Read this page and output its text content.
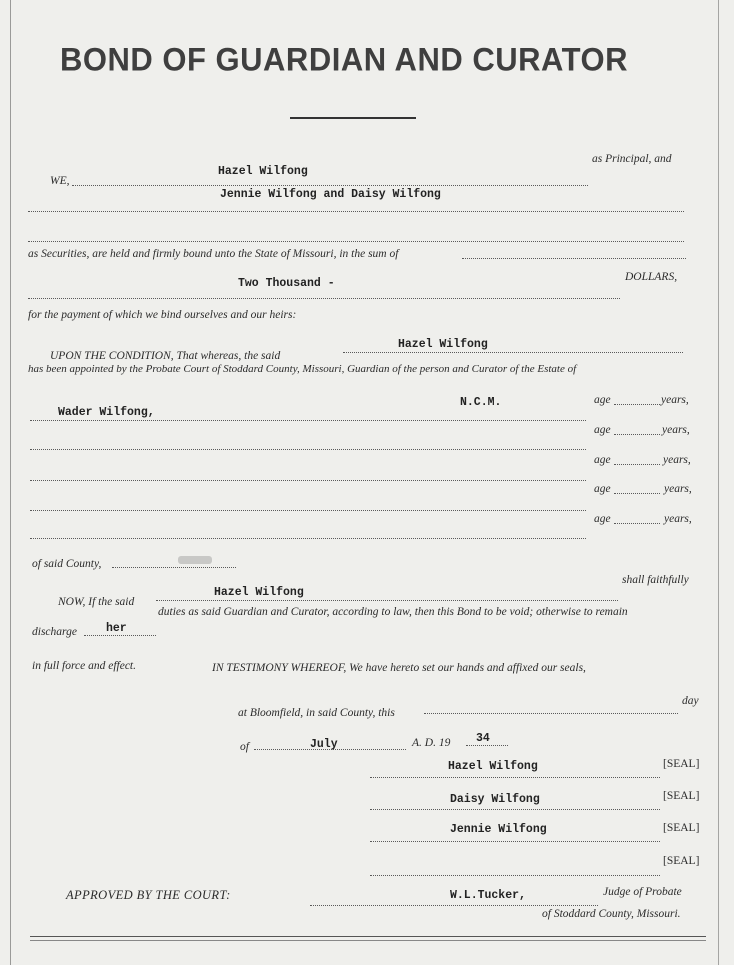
BOND OF GUARDIAN AND CURATOR
WE,
Hazel Wilfong
as Principal, and
Jennie Wilfong and Daisy Wilfong
as Securities, are held and firmly bound unto the State of Missouri, in the sum of
Two Thousand -	DOLLARS,
for the payment of which we bind ourselves and our heirs:
UPON THE CONDITION, That whereas, the said
Hazel Wilfong
has been appointed by the Probate Court of Stoddard County, Missouri, Guardian of the person and Curator of the Estate of
Wader Wilfong,
N.C.M.	age	years,
age	years,
age	years,
age	years,
age	years,
of said County,
NOW, If the said
Hazel Wilfong
shall faithfully
discharge	her
duties as said Guardian and Curator, according to law, then this Bond to be void; otherwise to remain
in full force and effect.	IN TESTIMONY WHEREOF, We have hereto set our hands and affixed our seals,
at Bloomfield, in said County, this
day
of	July	A. D. 19 34
Hazel Wilfong	[SEAL]
Daisy Wilfong	[SEAL]
Jennie Wilfong	[SEAL]
[SEAL]
APPROVED BY THE COURT:	W.L.Tucker,	Judge of Probate
of Stoddard County, Missouri.
